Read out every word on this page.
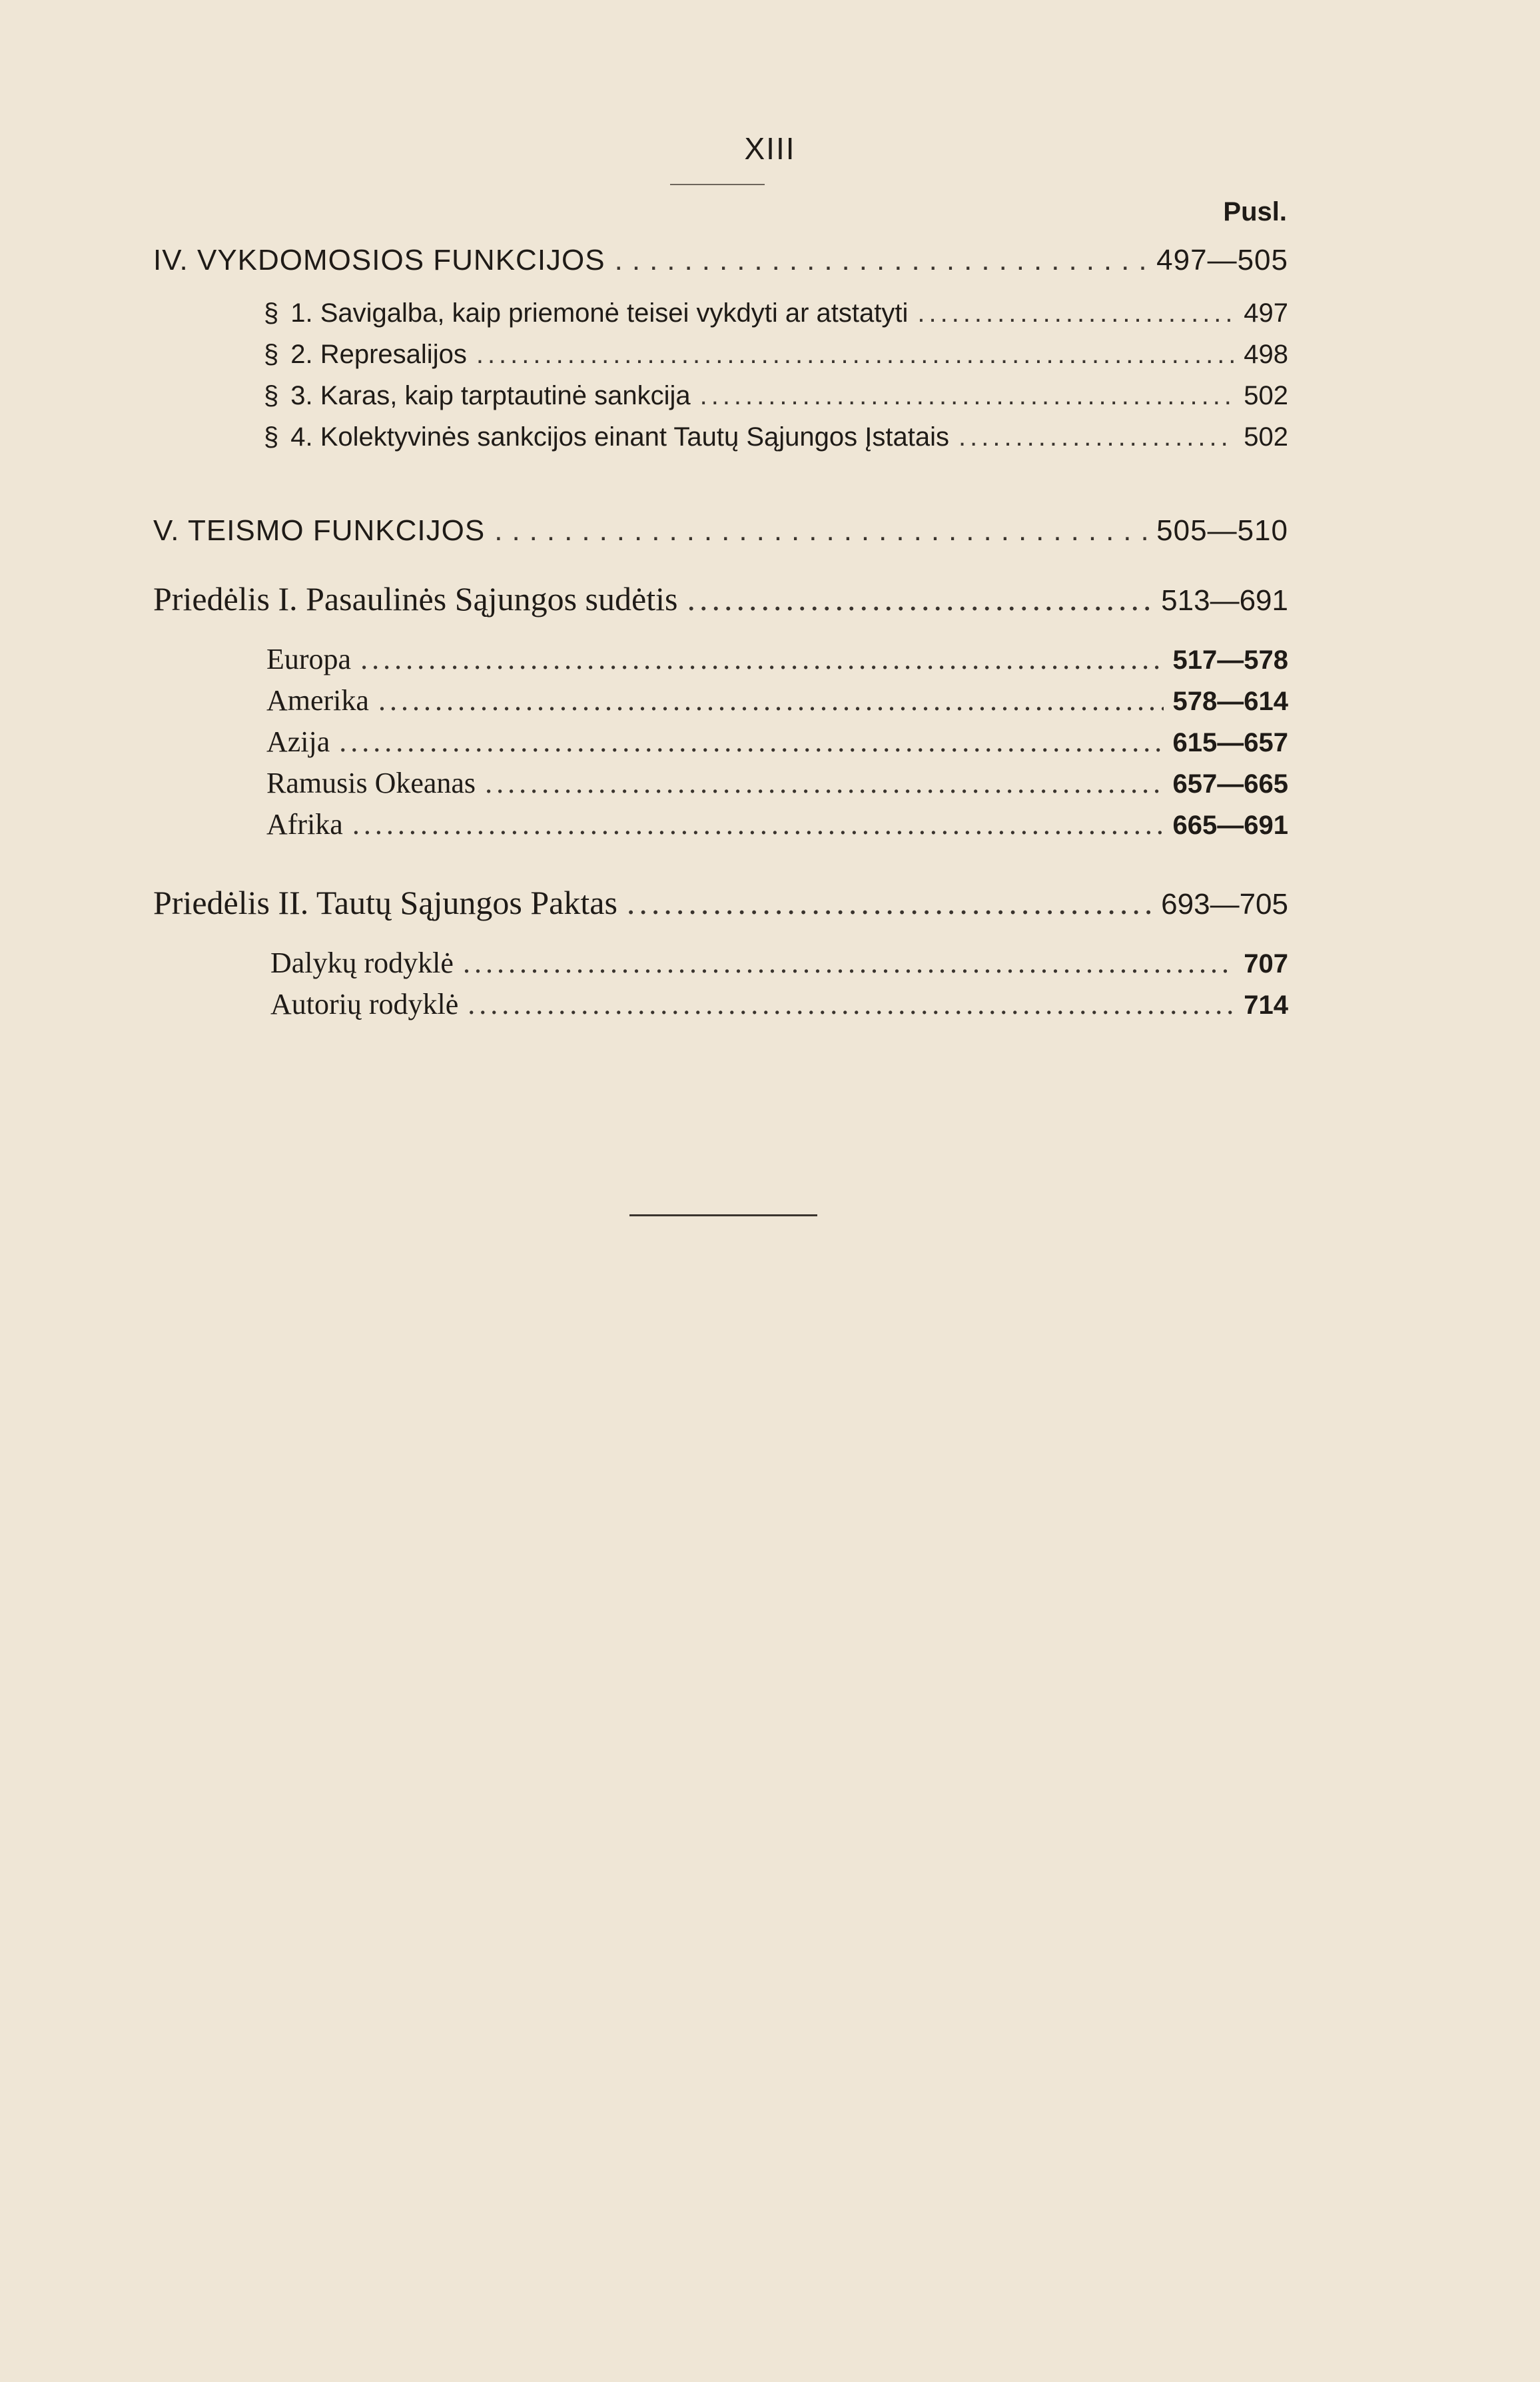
XIII
Pusl.
IV. VYKDOMOSIOS FUNKCIJOS .....	497—505
§ 1. Savigalba, kaip priemonė teisei vykdyti ar atstatyti .....	497
§ 2. Represalijos .....	498
§ 3. Karas, kaip tarptautinė sankcija .....	502
§ 4. Kolektyvinės sankcijos einant Tautų Sąjungos Įstatais .....	502
V. TEISMO FUNKCIJOS .....	505—510
Priedėlis I. Pasaulinės Sąjungos sudėtis .....	513—691
Europa .....	517—578
Amerika .....	578—614
Azija .....	615—657
Ramusis Okeanas .....	657—665
Afrika .....	665—691
Priedėlis II. Tautų Sąjungos Paktas .....	693—705
Dalykų rodyklė .....	707
Autorių rodyklė .....	714
